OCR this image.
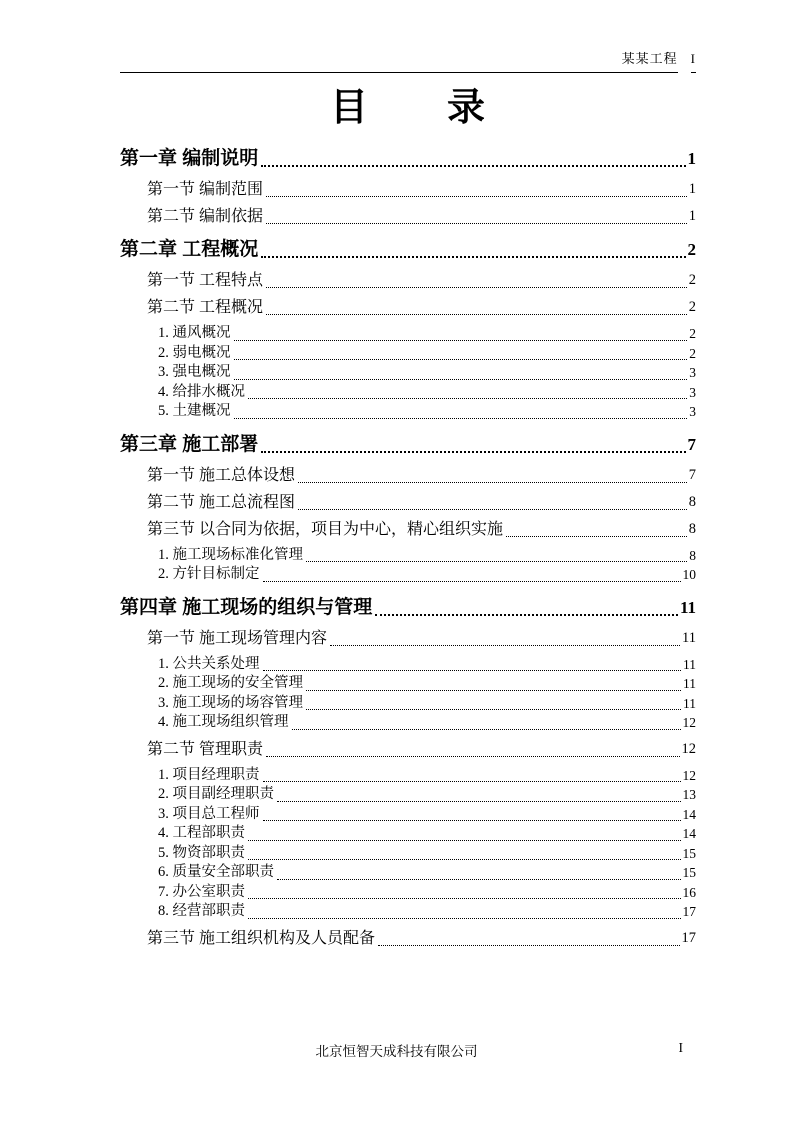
某某工程 I
目　　录
第一章 编制说明	1
第一节 编制范围	1
第二节 编制依据	1
第二章 工程概况	2
第一节 工程特点	2
第二节 工程概况	2
1. 通风概况	2
2. 弱电概况	2
3. 强电概况	3
4. 给排水概况	3
5. 土建概况	3
第三章 施工部署	7
第一节 施工总体设想	7
第二节 施工总流程图	8
第三节 以合同为依据，项目为中心，精心组织实施	8
1. 施工现场标准化管理	8
2. 方针目标制定	10
第四章 施工现场的组织与管理	11
第一节 施工现场管理内容	11
1. 公共关系处理	11
2. 施工现场的安全管理	11
3. 施工现场的场容管理	11
4. 施工现场组织管理	12
第二节 管理职责	12
1. 项目经理职责	12
2. 项目副经理职责	13
3. 项目总工程师	14
4. 工程部职责	14
5. 物资部职责	15
6. 质量安全部职责	15
7. 办公室职责	16
8. 经营部职责	17
第三节 施工组织机构及人员配备	17
北京恒智天成科技有限公司	I
